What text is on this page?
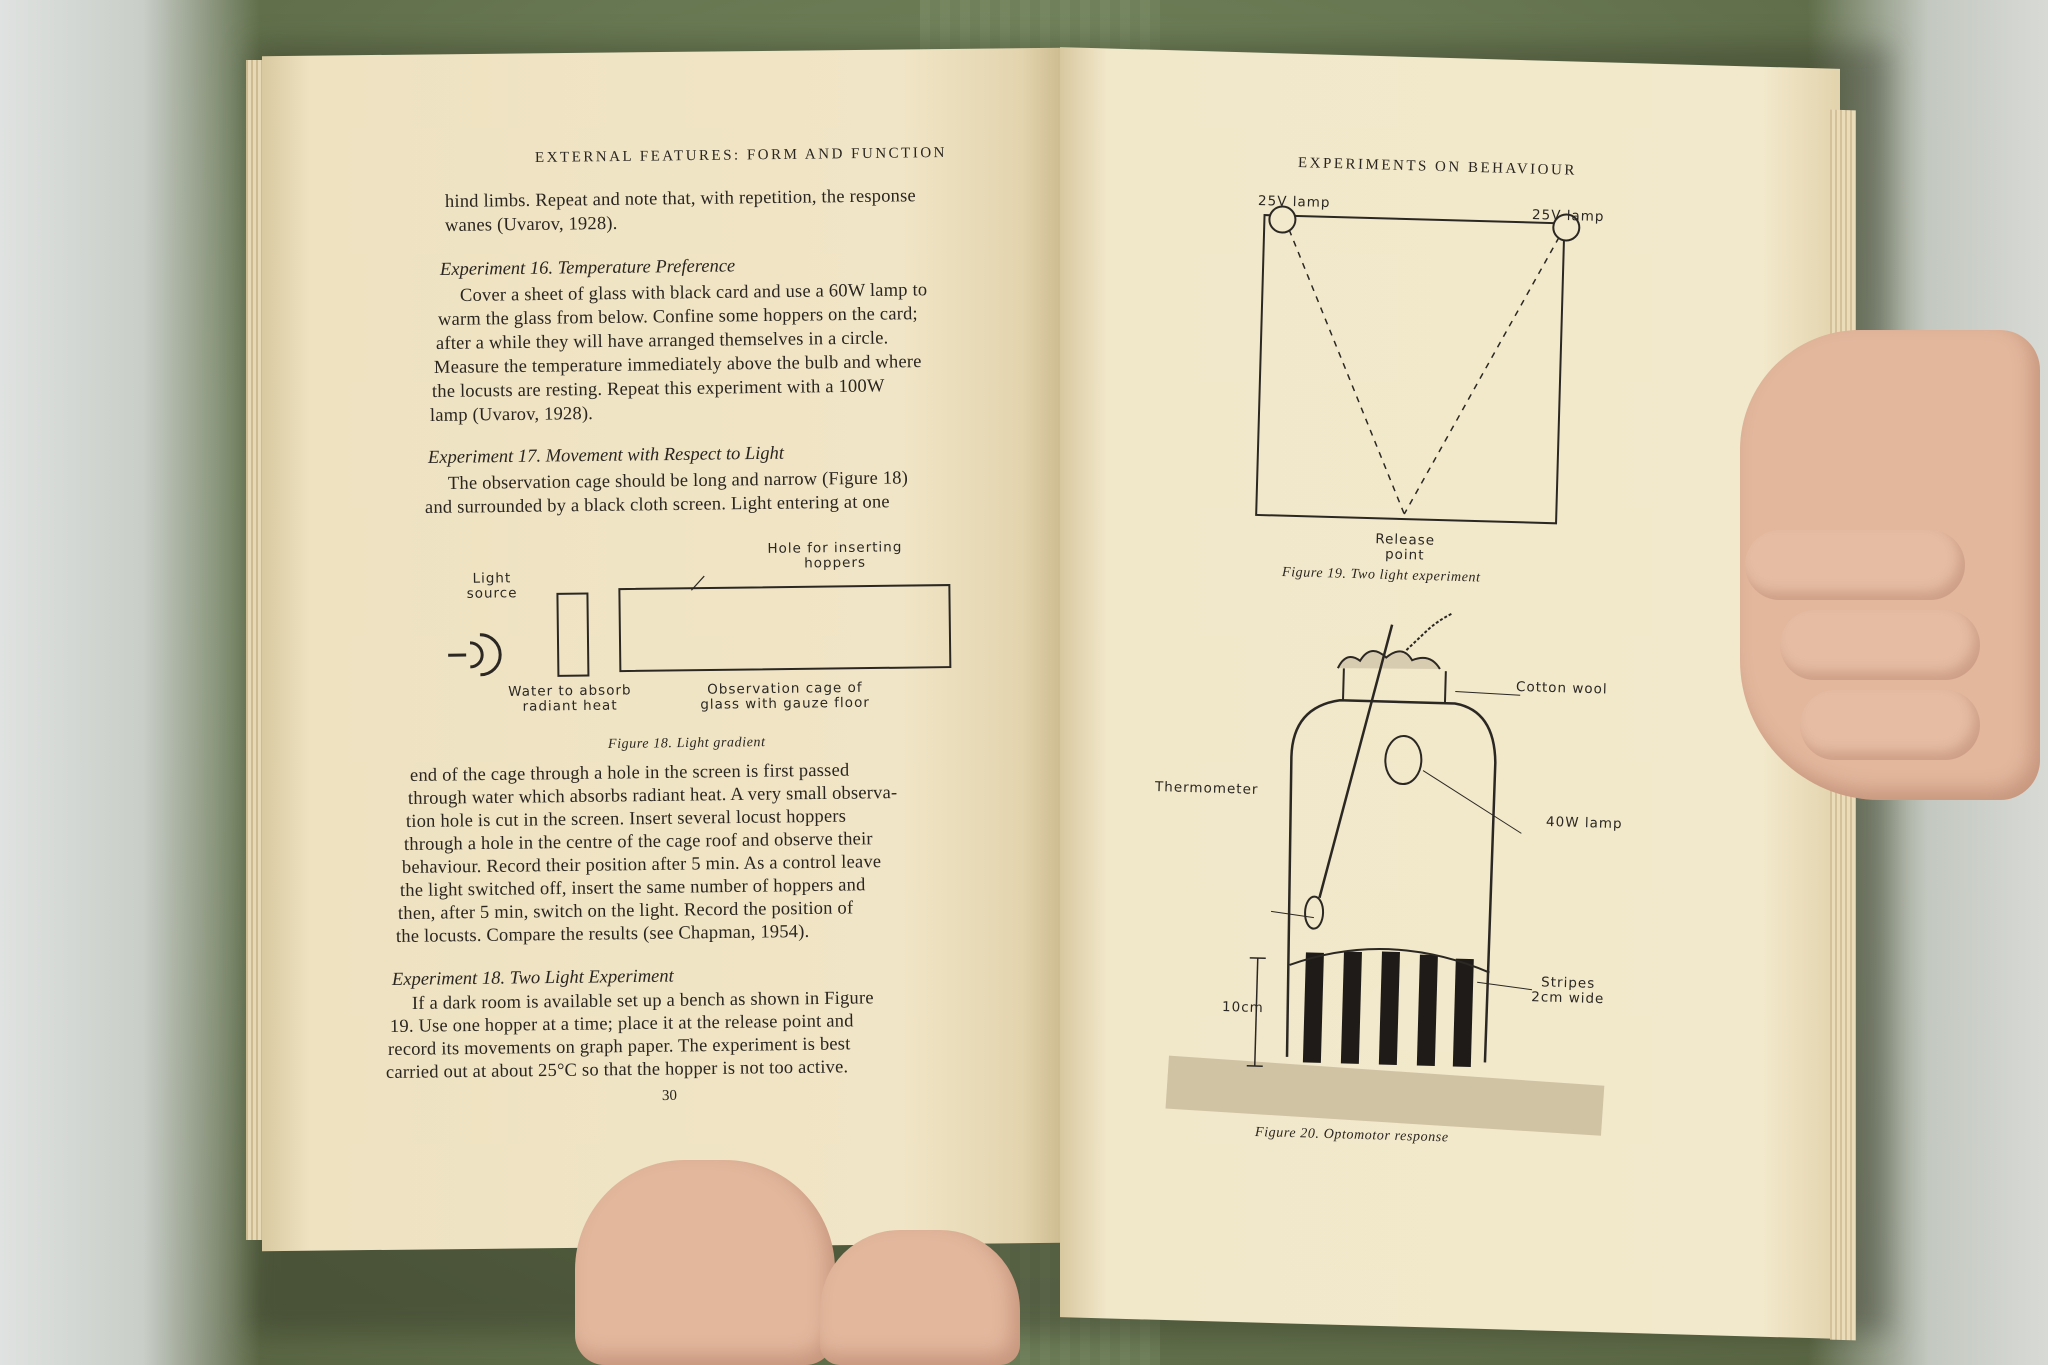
EXTERNAL FEATURES: FORM AND FUNCTION
hind limbs. Repeat and note that, with repetition, the response
wanes (Uvarov, 1928).
Experiment 16. Temperature Preference
Cover a sheet of glass with black card and use a 60W lamp to
warm the glass from below. Confine some hoppers on the card;
after a while they will have arranged themselves in a circle.
Measure the temperature immediately above the bulb and where
the locusts are resting. Repeat this experiment with a 100W
lamp (Uvarov, 1928).
Experiment 17. Movement with Respect to Light
The observation cage should be long and narrow (Figure 18)
and surrounded by a black cloth screen. Light entering at one
Light source
Hole for inserting hoppers
Water to absorb radiant heat
Observation cage of glass with gauze floor
Figure 18. Light gradient
end of the cage through a hole in the screen is first passed
through water which absorbs radiant heat. A very small observa-
tion hole is cut in the screen. Insert several locust hoppers
through a hole in the centre of the cage roof and observe their
behaviour. Record their position after 5 min. As a control leave
the light switched off, insert the same number of hoppers and
then, after 5 min, switch on the light. Record the position of
the locusts. Compare the results (see Chapman, 1954).
Experiment 18. Two Light Experiment
If a dark room is available set up a bench as shown in Figure
19. Use one hopper at a time; place it at the release point and
record its movements on graph paper. The experiment is best
carried out at about 25°C so that the hopper is not too active.
30
EXPERIMENTS ON BEHAVIOUR
25V lamp
25V lamp
Release point
Figure 19. Two light experiment
Cotton wool
Thermometer
40W lamp
Stripes 2cm wide
10cm
Figure 20. Optomotor response
